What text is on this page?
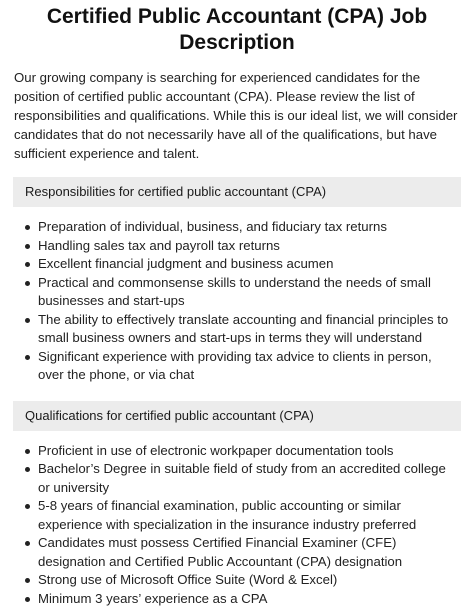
Certified Public Accountant (CPA) Job Description

Our growing company is searching for experienced candidates for the position of certified public accountant (CPA). Please review the list of responsibilities and qualifications. While this is our ideal list, we will consider candidates that do not necessarily have all of the qualifications, but have sufficient experience and talent.

Responsibilities for certified public accountant (CPA)
Preparation of individual, business, and fiduciary tax returns
Handling sales tax and payroll tax returns
Excellent financial judgment and business acumen
Practical and commonsense skills to understand the needs of small businesses and start-ups
The ability to effectively translate accounting and financial principles to small business owners and start-ups in terms they will understand
Significant experience with providing tax advice to clients in person, over the phone, or via chat
Qualifications for certified public accountant (CPA)
Proficient in use of electronic workpaper documentation tools
Bachelor’s Degree in suitable field of study from an accredited college or university
5-8 years of financial examination, public accounting or similar experience with specialization in the insurance industry preferred
Candidates must possess Certified Financial Examiner (CFE) designation and Certified Public Accountant (CPA) designation
Strong use of Microsoft Office Suite (Word & Excel)
Minimum 3 years’ experience as a CPA
